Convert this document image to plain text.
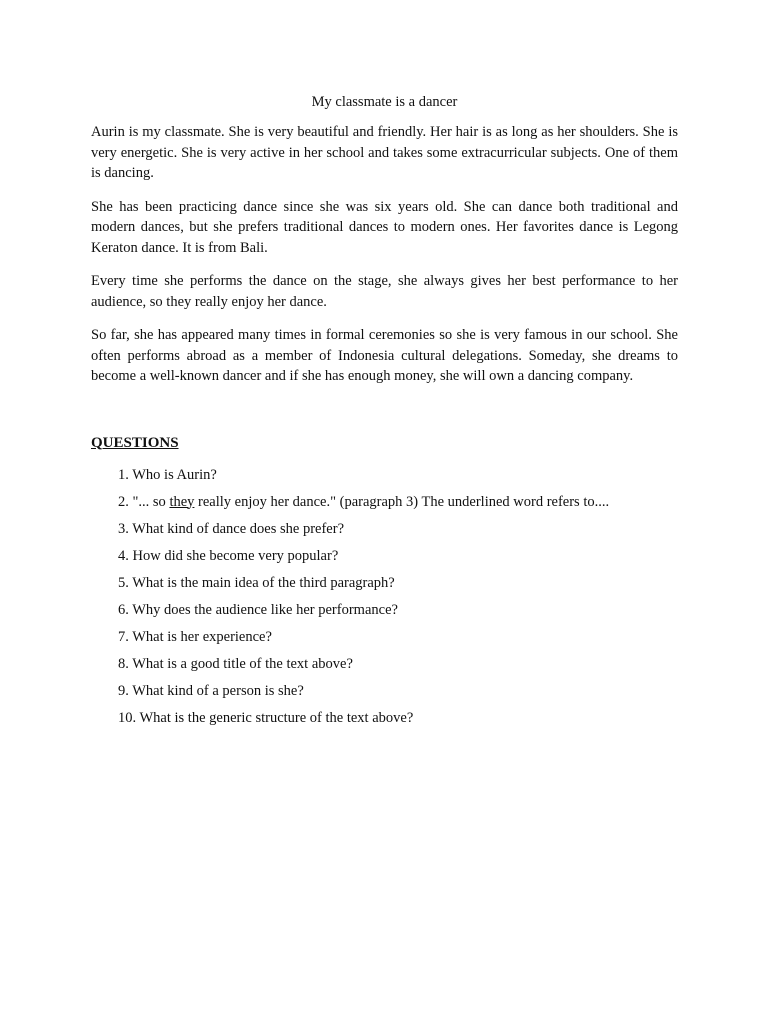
My classmate is a dancer

Aurin is my classmate. She is very beautiful and friendly. Her hair is as long as her shoulders. She is very energetic. She is very active in her school and takes some extracurricular subjects. One of them is dancing.

She has been practicing dance since she was six years old. She can dance both traditional and modern dances, but she prefers traditional dances to modern ones. Her favorites dance is Legong Keraton dance. It is from Bali.

Every time she performs the dance on the stage, she always gives her best performance to her audience, so they really enjoy her dance.

So far, she has appeared many times in formal ceremonies so she is very famous in our school. She often performs abroad as a member of Indonesia cultural delegations. Someday, she dreams to become a well-known dancer and if she has enough money, she will own a dancing company.

QUESTIONS
1. Who is Aurin?
2. "... so they really enjoy her dance." (paragraph 3) The underlined word refers to....
3. What kind of dance does she prefer?
4. How did she become very popular?
5. What is the main idea of the third paragraph?
6. Why does the audience like her performance?
7. What is her experience?
8. What is a good title of the text above?
9. What kind of a person is she?
10. What is the generic structure of the text above?
